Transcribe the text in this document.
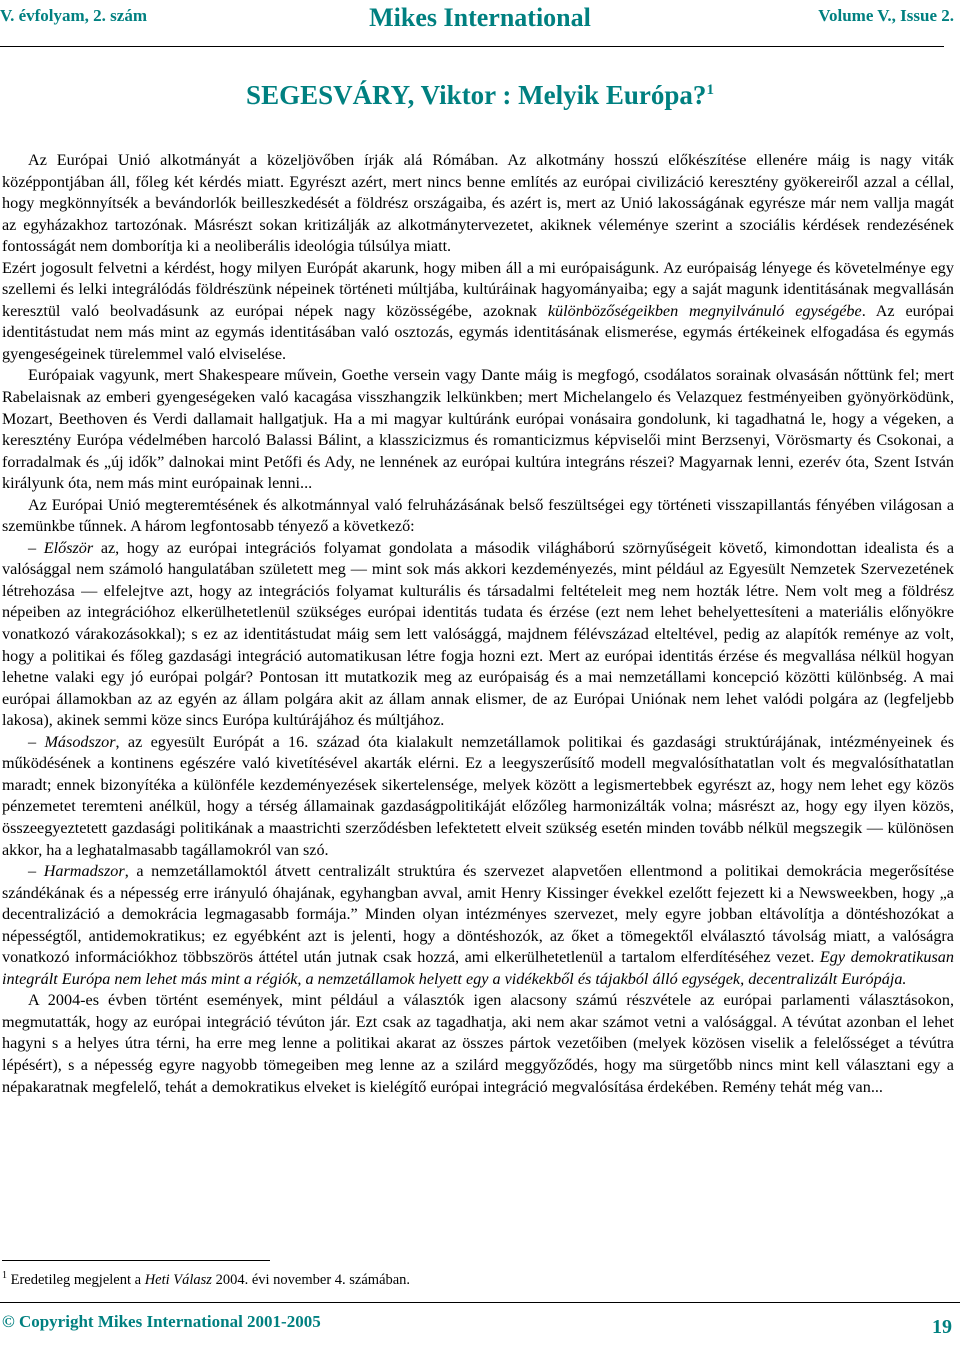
V. évfolyam, 2. szám	Mikes International	Volume V., Issue 2.
SEGESVÁRY, Viktor : Melyik Európa?$^1$

Az Európai Unió alkotmányát a közeljövőben írják alá Rómában. Az alkotmány hosszú előkészítése ellenére máig is nagy viták középpontjában áll, főleg két kérdés miatt. Egyrészt azért, mert nincs benne említés az európai civilizáció keresztény gyökereiről azzal a céllal, hogy megkönnyítsék a bevándorlók beilleszkedését a földrész országaiba, és azért is, mert az Unió lakosságának egyrésze már nem vallja magát az egyházakhoz tartozónak. Másrészt sokan kritizálják az alkotmánytervezetet, akiknek véleménye szerint a szociális kérdések rendezésének fontosságát nem domborítja ki a neoliberális ideológia túlsúlya miatt.

Ezért jogosult felvetni a kérdést, hogy milyen Európát akarunk, hogy miben áll a mi európaiságunk. Az európaiság lényege és követelménye egy szellemi és lelki integrálódás földrészünk népeinek történeti múltjába, kultúráinak hagyományaiba; egy a saját magunk identitásának megvallásán keresztül való beolvadásunk az európai népek nagy közösségébe, azoknak különbözőségeikben megnyilvánuló egységébe. Az európai identitástudat nem más mint az egymás identitásában való osztozás, egymás identitásának elismerése, egymás értékeinek elfogadása és egymás gyengeségeinek türelemmel való elviselése.

Európaiak vagyunk, mert Shakespeare művein, Goethe versein vagy Dante máig is megfogó, csodálatos sorainak olvasásán nőttünk fel; mert Rabelaisnak az emberi gyengeségeken való kacagása visszhangzik lelkünkben; mert Michelangelo és Velazquez festményeiben gyönyörködünk, Mozart, Beethoven és Verdi dallamait hallgatjuk. Ha a mi magyar kultúránk európai vonásaira gondolunk, ki tagadhatná le, hogy a végeken, a keresztény Európa védelmében harcoló Balassi Bálint, a klasszicizmus és romanticizmus képviselői mint Berzsenyi, Vörösmarty és Csokonai, a forradalmak és „új idők” dalnokai mint Petőfi és Ady, ne lennének az európai kultúra integráns részei? Magyarnak lenni, ezerév óta, Szent István királyunk óta, nem más mint európainak lenni...

Az Európai Unió megteremtésének és alkotmánnyal való felruházásának belső feszültségei egy történeti visszapillantás fényében világosan a szemünkbe tűnnek. A három legfontosabb tényező a következő:

– Először az, hogy az európai integrációs folyamat gondolata a második világháború szörnyűségeit követő, kimondottan idealista és a valósággal nem számoló hangulatában született meg — mint sok más akkori kezdeményezés, mint például az Egyesült Nemzetek Szervezetének létrehozása — elfelejtve azt, hogy az integrációs folyamat kulturális és társadalmi feltételeit meg nem hozták létre. Nem volt meg a földrész népeiben az integrációhoz elkerülhetetlenül szükséges európai identitás tudata és érzése (ezt nem lehet behelyettesíteni a materiális előnyökre vonatkozó várakozásokkal); s ez az identitástudat máig sem lett valósággá, majdnem félévszázad elteltével, pedig az alapítók reménye az volt, hogy a politikai és főleg gazdasági integráció automatikusan létre fogja hozni ezt. Mert az európai identitás érzése és megvallása nélkül hogyan lehetne valaki egy jó európai polgár? Pontosan itt mutatkozik meg az európaiság és a mai nemzetállami koncepció közötti különbség. A mai európai államokban az az egyén az állam polgára akit az állam annak elismer, de az Európai Uniónak nem lehet valódi polgára az (legfeljebb lakosa), akinek semmi köze sincs Európa kultúrájához és múltjához.

– Másodszor, az egyesült Európát a 16. század óta kialakult nemzetállamok politikai és gazdasági struktúrájának, intézményeinek és működésének a kontinens egészére való kivetítésével akarták elérni. Ez a leegyszerűsítő modell megvalósíthatatlan volt és megvalósíthatatlan maradt; ennek bizonyítéka a különféle kezdeményezések sikertelensége, melyek között a legismertebbek egyrészt az, hogy nem lehet egy közös pénzemetet teremteni anélkül, hogy a térség államainak gazdaságpolitikáját előzőleg harmonizálták volna; másrészt az, hogy egy ilyen közös, összeegyeztetett gazdasági politikának a maastrichti szerződésben lefektetett elveit szükség esetén minden tovább nélkül megszegik — különösen akkor, ha a leghatalmasabb tagállamokról van szó.

– Harmadszor, a nemzetállamoktól átvett centralizált struktúra és szervezet alapvetően ellentmond a politikai demokrácia megerősítése szándékának és a népesség erre irányuló óhajának, egyhangban avval, amit Henry Kissinger évekkel ezelőtt fejezett ki a Newsweekben, hogy „a decentralizáció a demokrácia legmagasabb formája.” Minden olyan intézményes szervezet, mely egyre jobban eltávolítja a döntéshozókat a népességtől, antidemokratikus; ez egyébként azt is jelenti, hogy a döntéshozók, az őket a tömegektől elválasztó távolság miatt, a valóságra vonatkozó információkhoz többszörös áttétel után jutnak csak hozzá, ami elkerülhetetlenül a tartalom elferdítéséhez vezet. Egy demokratikusan integrált Európa nem lehet más mint a régiók, a nemzetállamok helyett egy a vidékekből és tájakból álló egységek, decentralizált Európája.

A 2004-es évben történt események, mint például a választók igen alacsony számú részvétele az európai parlamenti választásokon, megmutatták, hogy az európai integráció tévúton jár. Ezt csak az tagadhatja, aki nem akar számot vetni a valósággal. A tévútat azonban el lehet hagyni s a helyes útra térni, ha erre meg lenne a politikai akarat az összes pártok vezetőiben (melyek közösen viselik a felelősséget a tévútra lépésért), s a népesség egyre nagyobb tömegeiben meg lenne az a szilárd meggyőződés, hogy ma sürgetőbb nincs mint kell választani egy a népakaratnak megfelelő, tehát a demokratikus elveket is kielégítő európai integráció megvalósítása érdekében. Remény tehát még van...

$^1$ Eredetileg megjelent a Heti Válasz 2004. évi november 4. számában.
© Copyright Mikes International 2001-2005	19
